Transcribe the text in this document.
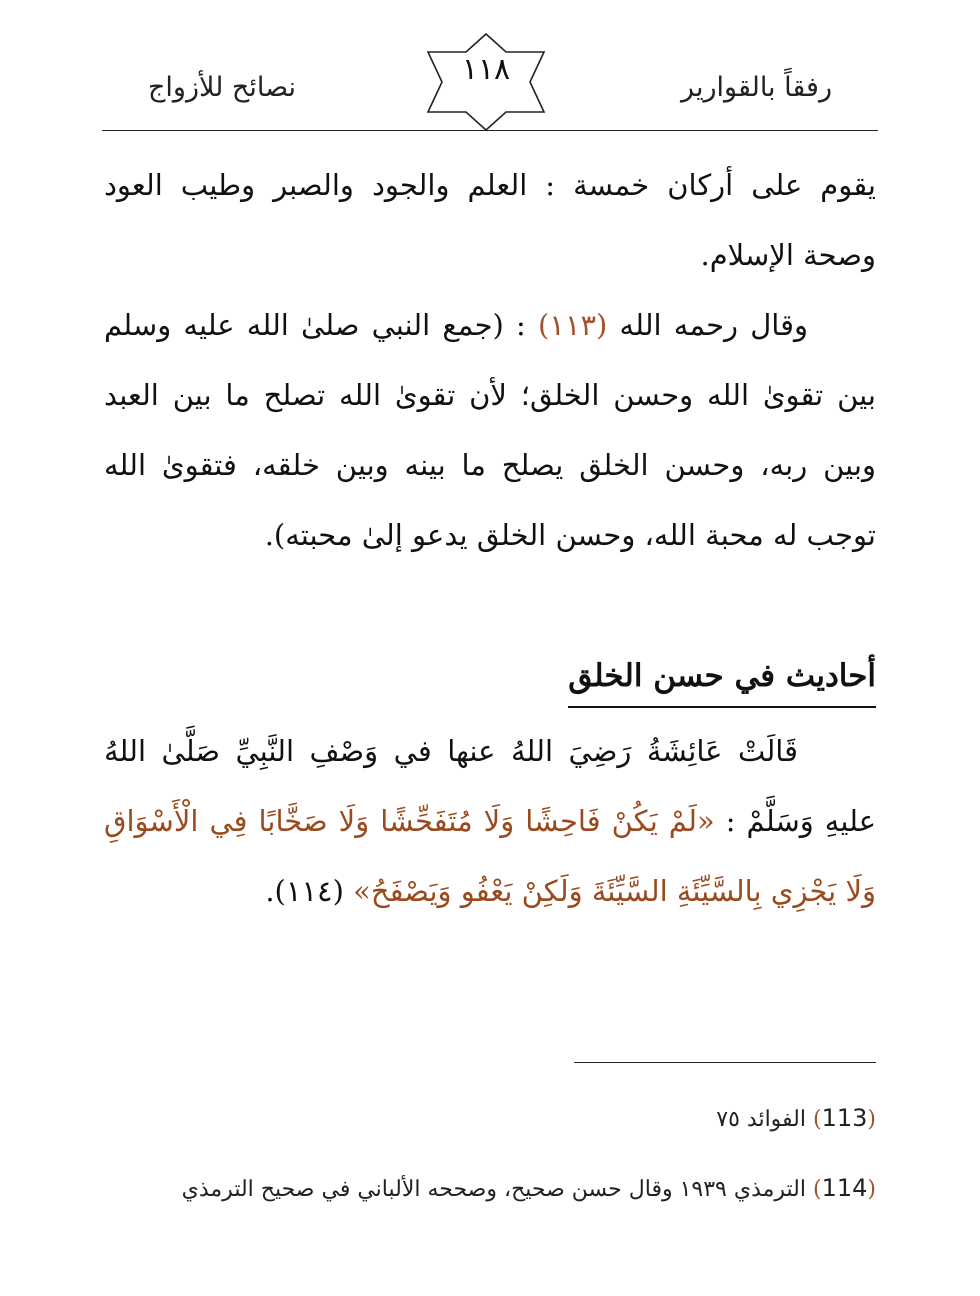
رفقاً بالقوارير
نصائح للأزواج
١١٨
يقوم على أركان خمسة : العلم والجود والصبر وطيب العود وصحة الإسلام.
وقال رحمه الله (١١٣) : (جمع النبي صلىٰ الله عليه وسلم بين تقوىٰ الله وحسن الخلق؛ لأن تقوىٰ الله تصلح ما بين العبد وبين ربه، وحسن الخلق يصلح ما بينه وبين خلقه، فتقوىٰ الله توجب له محبة الله، وحسن الخلق يدعو إلىٰ محبته).
أحاديث في حسن الخلق
قَالَتْ عَائِشَةُ رَضِيَ اللهُ عنها في وَصْفِ النَّبِيِّ صَلَّىٰ اللهُ عليهِ وَسَلَّمْ : «لَمْ يَكُنْ فَاحِشًا وَلَا مُتَفَحِّشًا وَلَا صَخَّابًا فِي الْأَسْوَاقِ وَلَا يَجْزِي بِالسَّيِّئَةِ السَّيِّئَةَ وَلَكِنْ يَعْفُو وَيَصْفَحُ» (١١٤).
(113) الفوائد ٧٥
(114) الترمذي ١٩٣٩ وقال حسن صحيح، وصححه الألباني في صحيح الترمذي
